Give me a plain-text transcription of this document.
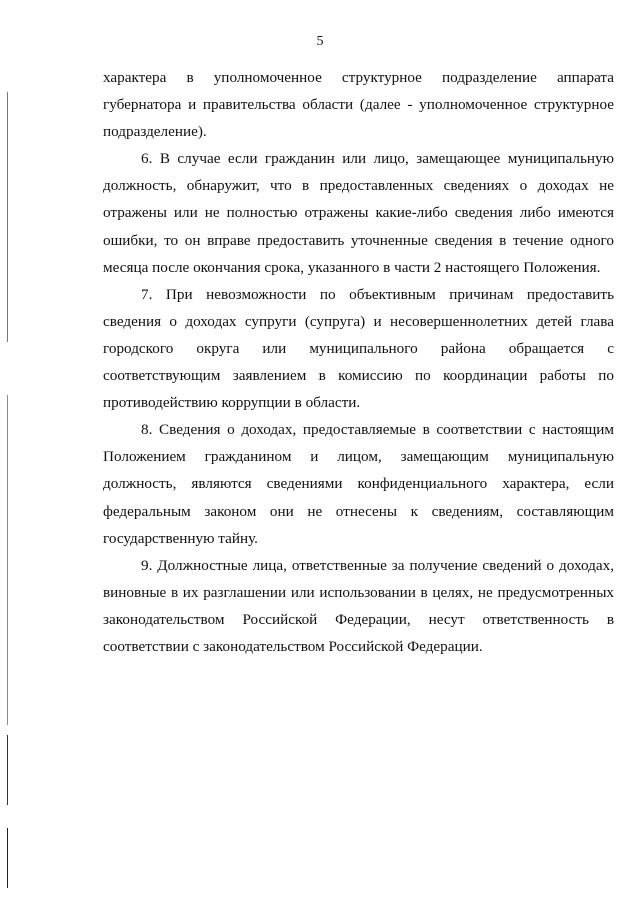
5

характера в уполномоченное структурное подразделение аппарата губернатора и правительства области (далее - уполномоченное структурное подразделение).

6. В случае если гражданин или лицо, замещающее муниципальную должность, обнаружит, что в предоставленных сведениях о доходах не отражены или не полностью отражены какие-либо сведения либо имеются ошибки, то он вправе предоставить уточненные сведения в течение одного месяца после окончания срока, указанного в части 2 настоящего Положения.

7. При невозможности по объективным причинам предоставить сведения о доходах супруги (супруга) и несовершеннолетних детей глава городского округа или муниципального района обращается с соответствующим заявлением в комиссию по координации работы по противодействию коррупции в области.

8. Сведения о доходах, предоставляемые в соответствии с настоящим Положением гражданином и лицом, замещающим муниципальную должность, являются сведениями конфиденциального характера, если федеральным законом они не отнесены к сведениям, составляющим государственную тайну.

9. Должностные лица, ответственные за получение сведений о доходах, виновные в их разглашении или использовании в целях, не предусмотренных законодательством Российской Федерации, несут ответственность в соответствии с законодательством Российской Федерации.
